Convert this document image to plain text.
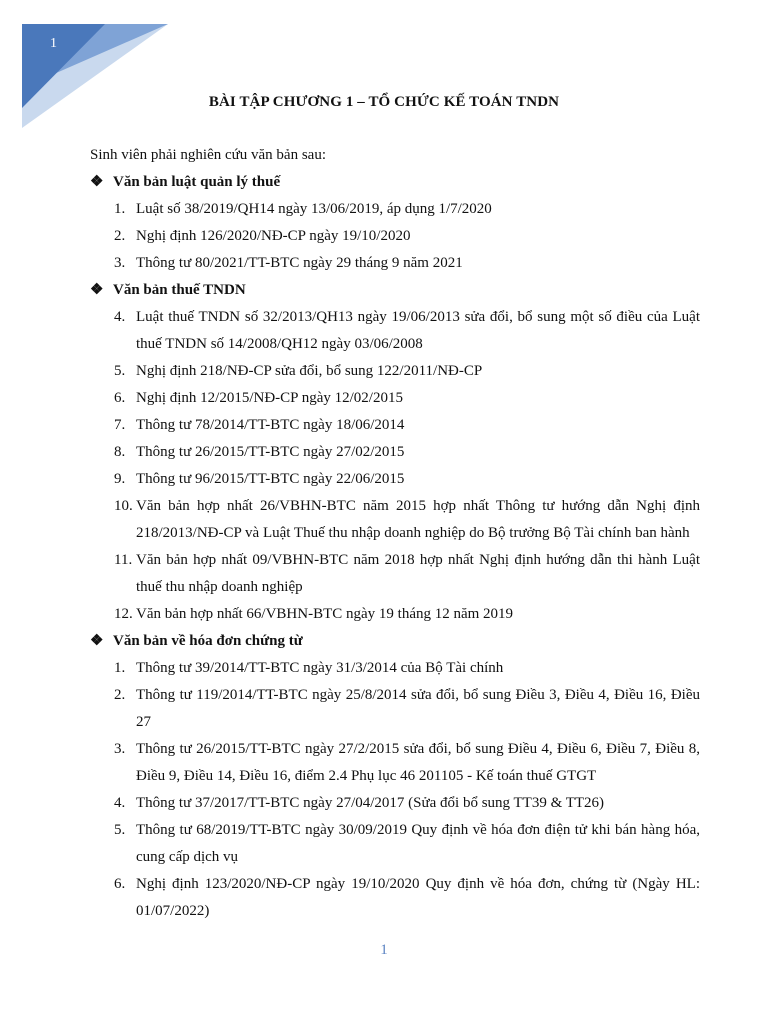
1
BÀI TẬP CHƯƠNG 1 – TỔ CHỨC KẾ TOÁN TNDN

Sinh viên phải nghiên cứu văn bản sau:

❖ Văn bản luật quản lý thuế

1. Luật số 38/2019/QH14 ngày 13/06/2019, áp dụng 1/7/2020
2. Nghị định 126/2020/NĐ-CP ngày 19/10/2020
3. Thông tư 80/2021/TT-BTC ngày 29 tháng 9 năm 2021

❖ Văn bản thuế TNDN

4. Luật thuế TNDN số 32/2013/QH13 ngày 19/06/2013 sửa đổi, bổ sung một số điều của Luật thuế TNDN số 14/2008/QH12 ngày 03/06/2008
5. Nghị định 218/NĐ-CP sửa đổi, bổ sung 122/2011/NĐ-CP
6. Nghị định 12/2015/NĐ-CP ngày 12/02/2015
7. Thông tư 78/2014/TT-BTC ngày 18/06/2014
8. Thông tư 26/2015/TT-BTC ngày 27/02/2015
9. Thông tư 96/2015/TT-BTC ngày 22/06/2015
10. Văn bản hợp nhất 26/VBHN-BTC năm 2015 hợp nhất Thông tư hướng dẫn Nghị định 218/2013/NĐ-CP và Luật Thuế thu nhập doanh nghiệp do Bộ trưởng Bộ Tài chính ban hành
11. Văn bản hợp nhất 09/VBHN-BTC năm 2018 hợp nhất Nghị định hướng dẫn thi hành Luật thuế thu nhập doanh nghiệp
12. Văn bản hợp nhất 66/VBHN-BTC ngày 19 tháng 12 năm 2019

❖ Văn bản về hóa đơn chứng từ

1. Thông tư 39/2014/TT-BTC ngày 31/3/2014 của Bộ Tài chính
2. Thông tư 119/2014/TT-BTC ngày 25/8/2014 sửa đổi, bổ sung Điều 3, Điều 4, Điều 16, Điều 27
3. Thông tư 26/2015/TT-BTC ngày 27/2/2015 sửa đổi, bổ sung Điều 4, Điều 6, Điều 7, Điều 8, Điều 9, Điều 14, Điều 16, điểm 2.4 Phụ lục 46 201105 - Kế toán thuế GTGT
4. Thông tư 37/2017/TT-BTC ngày 27/04/2017 (Sửa đổi bổ sung TT39 & TT26)
5. Thông tư 68/2019/TT-BTC ngày 30/09/2019 Quy định về hóa đơn điện tử khi bán hàng hóa, cung cấp dịch vụ
6. Nghị định 123/2020/NĐ-CP ngày 19/10/2020 Quy định về hóa đơn, chứng từ (Ngày HL: 01/07/2022)
1
